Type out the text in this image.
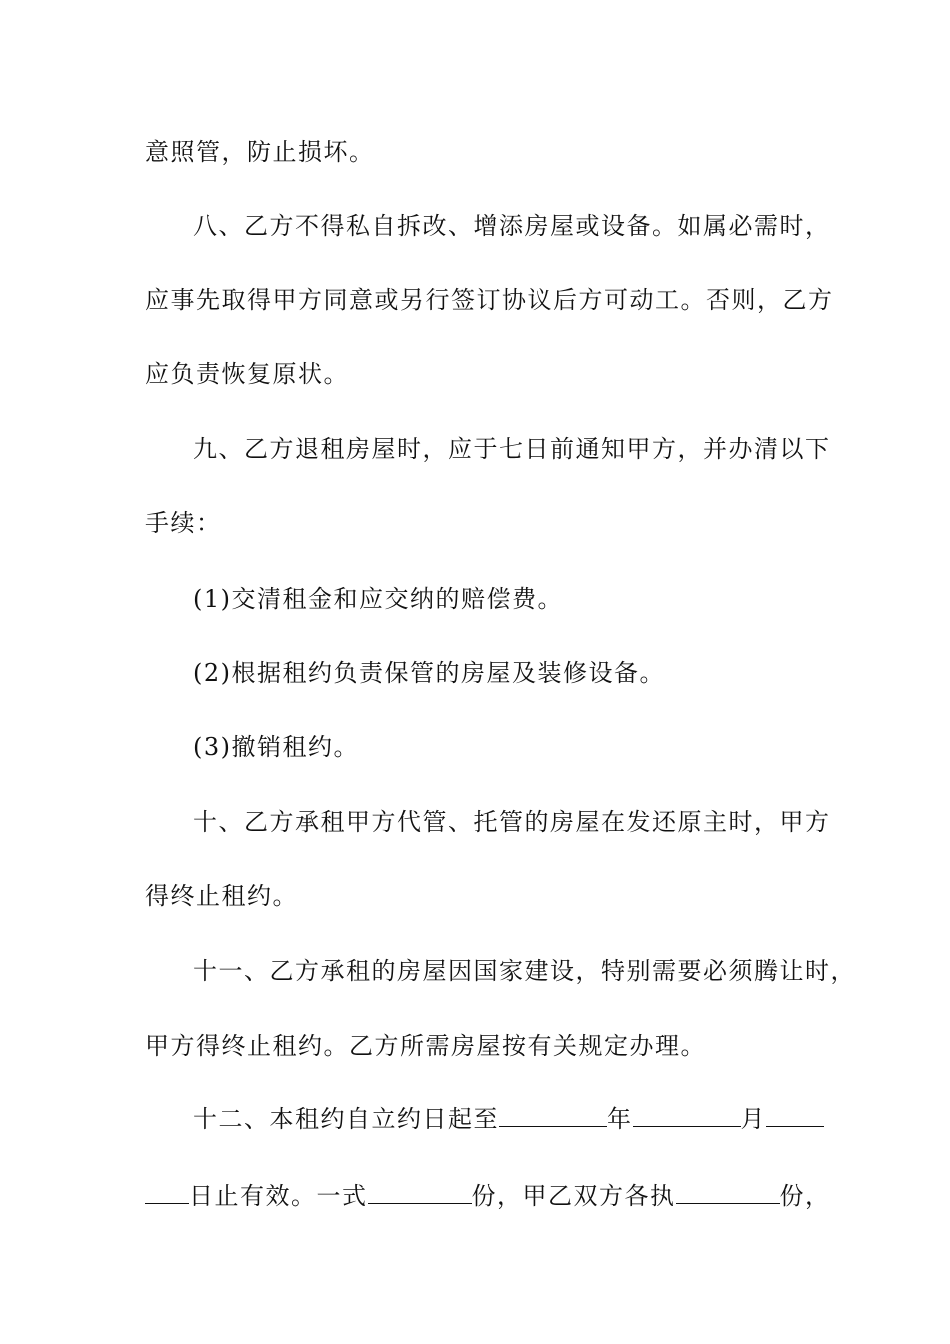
意照管，防止损坏。
八、乙方不得私自拆改、增添房屋或设备。如属必需时，
应事先取得甲方同意或另行签订协议后方可动工。否则，乙方
应负责恢复原状。
九、乙方退租房屋时，应于七日前通知甲方，并办清以下
手续：
(1)交清租金和应交纳的赔偿费。
(2)根据租约负责保管的房屋及装修设备。
(3)撤销租约。
十、乙方承租甲方代管、托管的房屋在发还原主时，甲方
得终止租约。
十一、乙方承租的房屋因国家建设，特别需要必须腾让时，
甲方得终止租约。乙方所需房屋按有关规定办理。
十二、本租约自立约日起至	年	月
日止有效。一式	份，甲乙双方各执	份，
